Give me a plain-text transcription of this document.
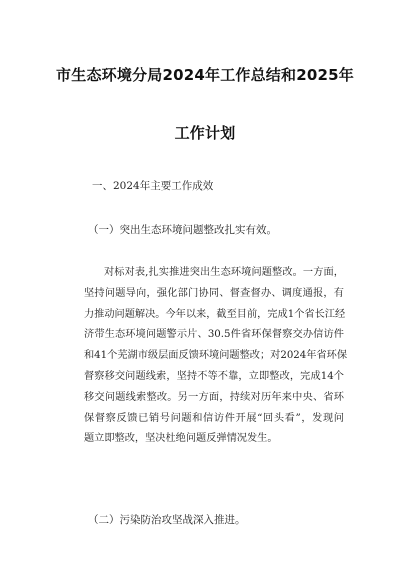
市生态环境分局2024年工作总结和2025年
工作计划
一、2024年主要工作成效
（一）突出生态环境问题整改扎实有效。
对标对表,扎实推进突出生态环境问题整改。一方面，
坚持问题导向，强化部门协同、督查督办、调度通报，有
力推动问题解决。今年以来，截至目前，完成1个省长江经
济带生态环境问题警示片、30.5件省环保督察交办信访件
和41个芜湖市级层面反馈环境问题整改；对2024年省环保
督察移交问题线索，坚持不等不靠，立即整改，完成14个
移交问题线索整改。另一方面，持续对历年来中央、省环
保督察反馈已销号问题和信访件开展“回头看”，发现问
题立即整改，坚决杜绝问题反弹情况发生。
（二）污染防治攻坚战深入推进。
